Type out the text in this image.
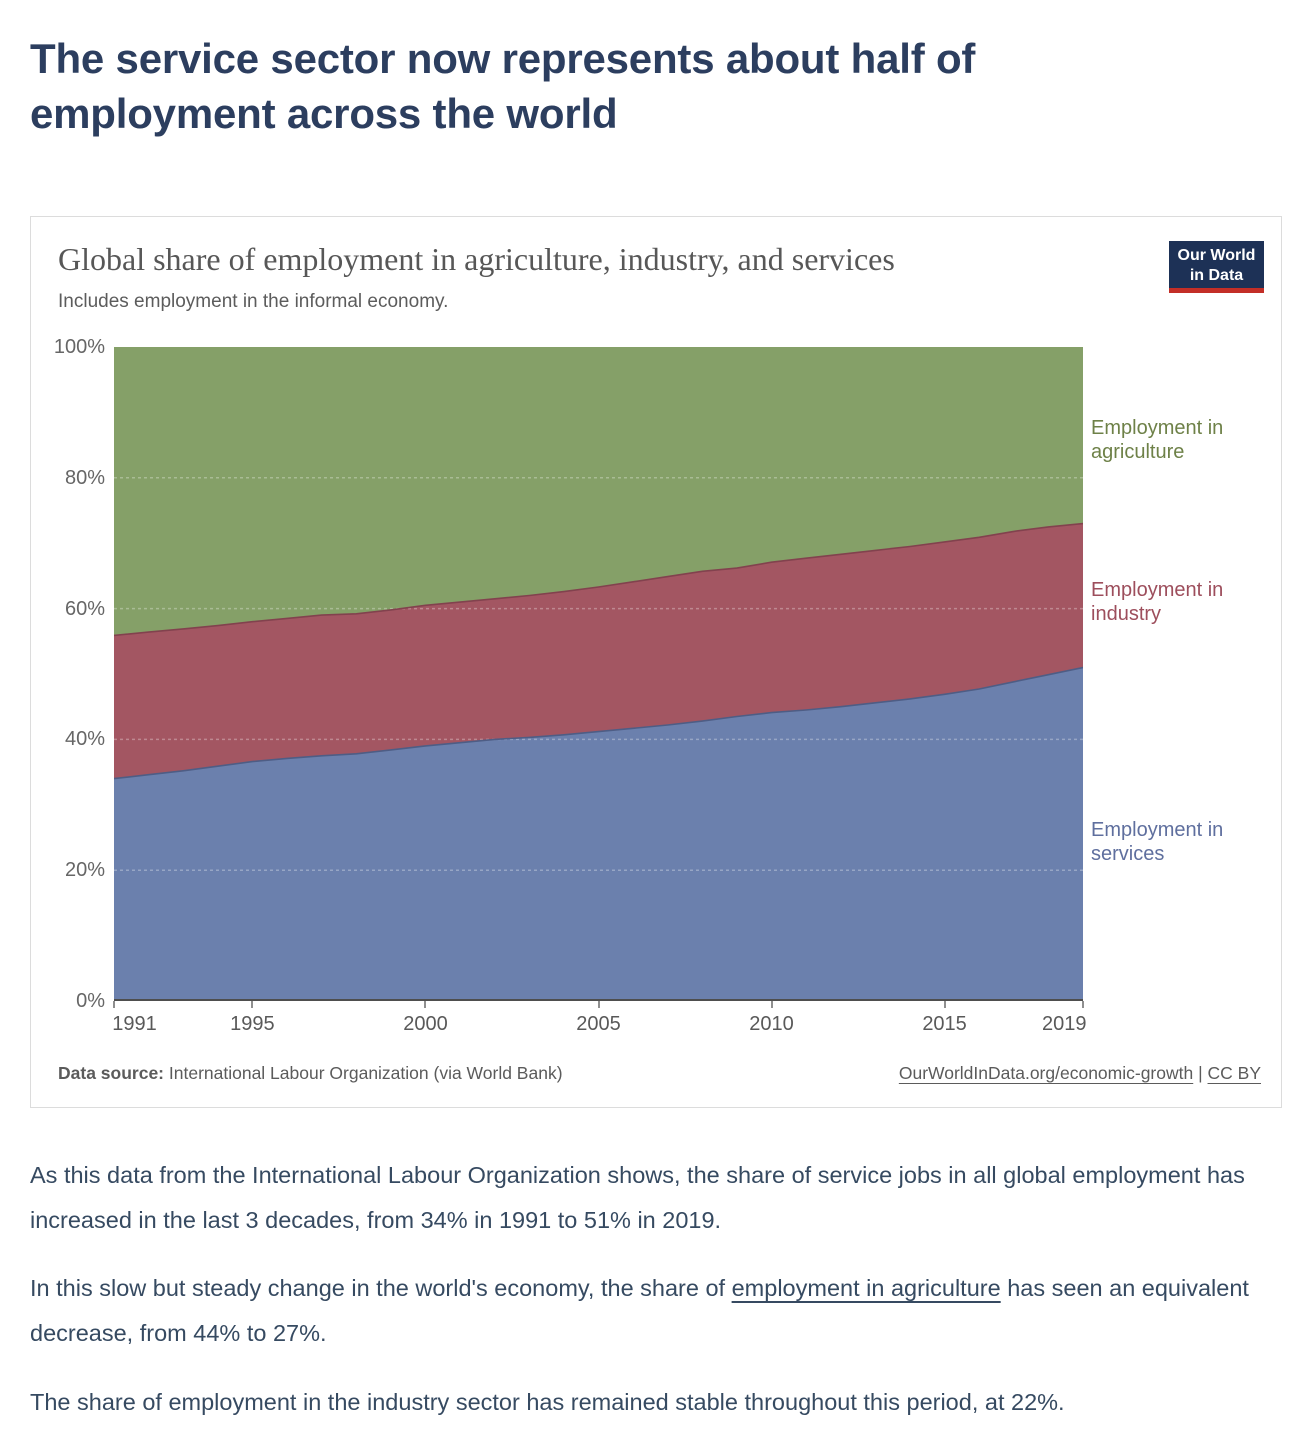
The service sector now represents about half of employment across the world
Global share of employment in agriculture, industry, and services	Our World
in Data
Includes employment in the informal economy.
0%
20%
40%
60%
80%
100%
1991	1995	2000	2005	2010	2015	2019
Employment in agriculture
Employment in industry
Employment in services
Data source: International Labour Organization (via World Bank)	OurWorldInData.org/economic-growth | CC BY

As this data from the International Labour Organization shows, the share of service jobs in all global employment has increased in the last 3 decades, from 34% in 1991 to 51% in 2019.

In this slow but steady change in the world's economy, the share of employment in agriculture has seen an equivalent decrease, from 44% to 27%.

The share of employment in the industry sector has remained stable throughout this period, at 22%.
